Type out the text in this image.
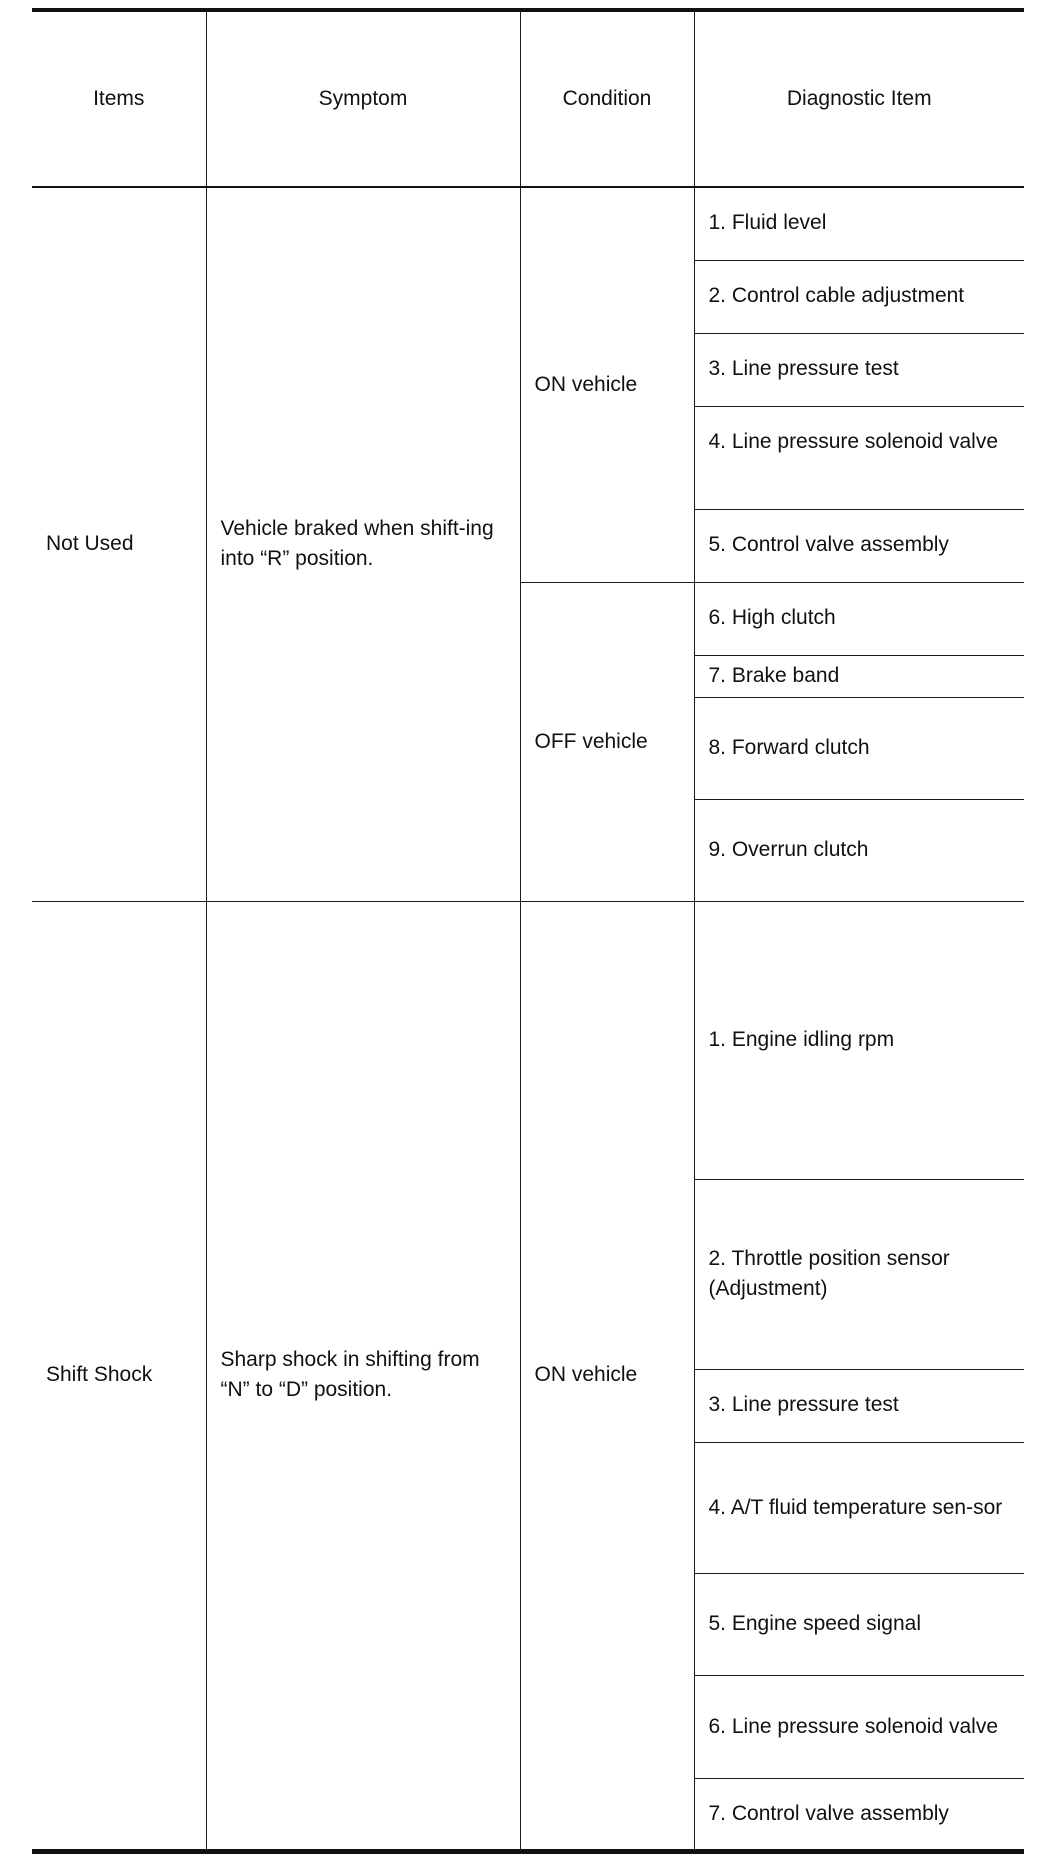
Items	Symptom	Condition	Diagnostic Item
Not Used	Vehicle braked when shift-ing into “R” position.	ON vehicle	1. Fluid level
			2. Control cable adjustment
			3. Line pressure test
			4. Line pressure solenoid valve
			5. Control valve assembly
		OFF vehicle	6. High clutch
			7. Brake band
			8. Forward clutch
			9. Overrun clutch
Shift Shock	Sharp shock in shifting from “N” to “D” position.	ON vehicle	1. Engine idling rpm
			2. Throttle position sensor (Adjustment)
			3. Line pressure test
			4. A/T fluid temperature sen-sor
			5. Engine speed signal
			6. Line pressure solenoid valve
			7. Control valve assembly
